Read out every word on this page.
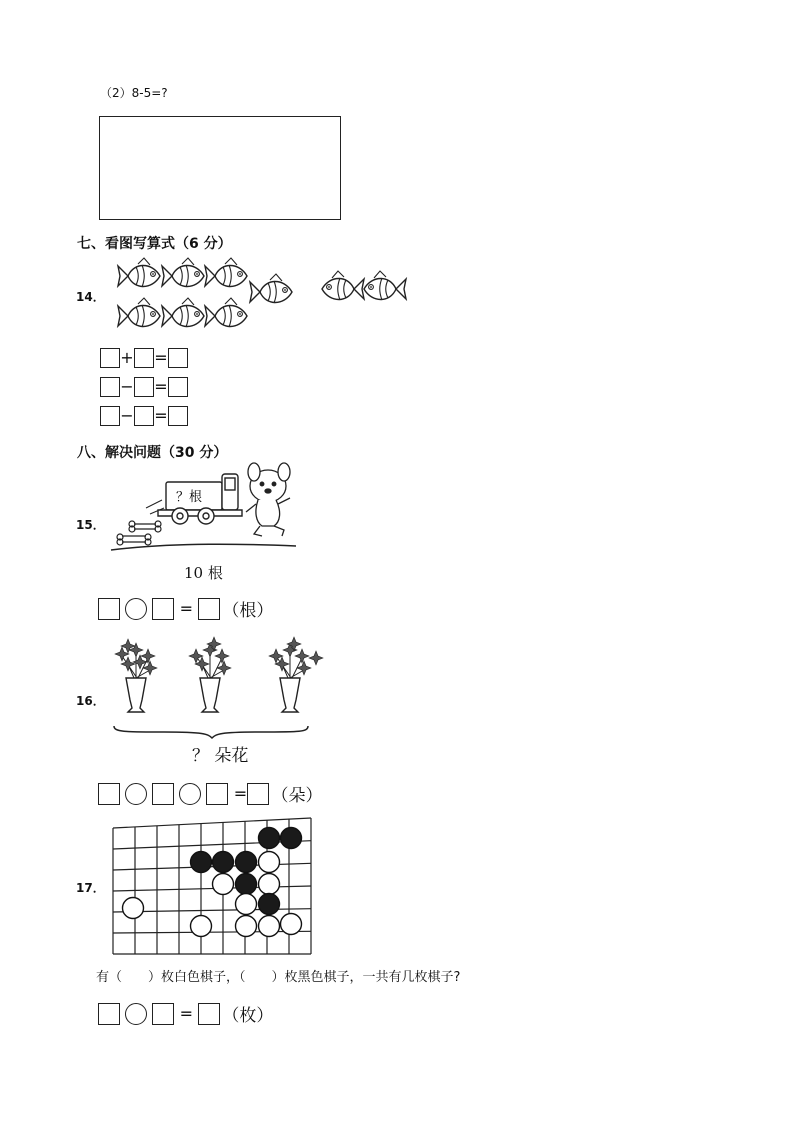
（2）8-5=?
七、看图写算式（6 分）
14．
+ =
− =
− =
八、解决问题（30 分）
15．
？根
10 根
= （根）
16．
？ 朵花
= （朵）
17．
有（　　）枚白色棋子，（　　）枚黑色棋子，一共有几枚棋子?
= （枚）
